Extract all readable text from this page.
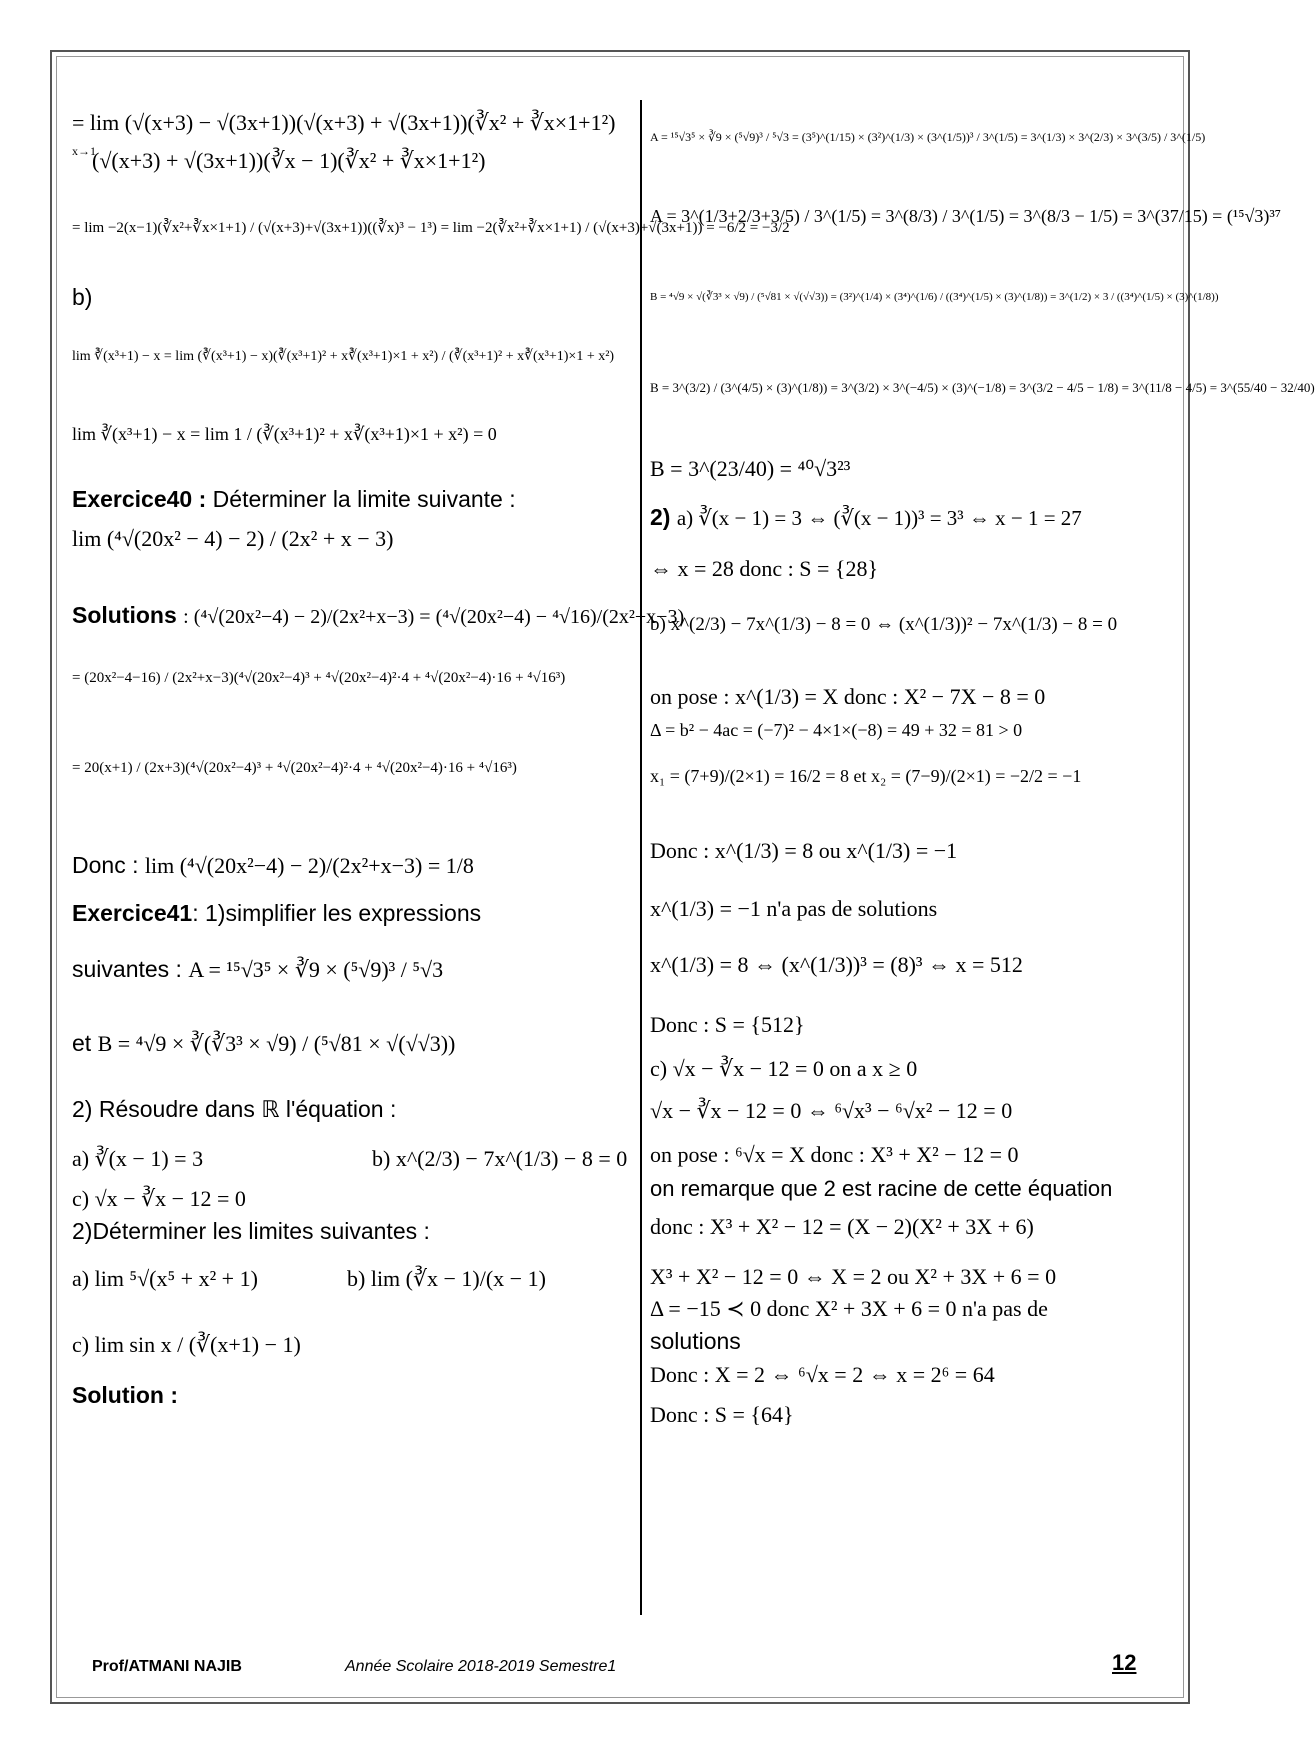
= lim (√(x+3) − √(3x+1))(√(x+3) + √(3x+1))(∛x² + ∛x×1+1²)
(√(x+3) + √(3x+1))(∛x − 1)(∛x² + ∛x×1+1²)
x→1
= lim −2(x−1)(∛x²+∛x×1+1) / (√(x+3)+√(3x+1))((∛x)³ − 1³) = lim −2(∛x²+∛x×1+1) / (√(x+3)+√(3x+1)) = −6/2 = −3/2
b)
lim ∛(x³+1) − x = lim (∛(x³+1) − x)(∛(x³+1)² + x∛(x³+1)×1 + x²) / (∛(x³+1)² + x∛(x³+1)×1 + x²)
lim ∛(x³+1) − x = lim 1 / (∛(x³+1)² + x∛(x³+1)×1 + x²) = 0
Exercice40 : Déterminer la limite suivante :
lim (⁴√(20x² − 4) − 2) / (2x² + x − 3)
Solutions : (⁴√(20x²−4) − 2)/(2x²+x−3) = (⁴√(20x²−4) − ⁴√16)/(2x²+x−3)
= (20x²−4−16) / (2x²+x−3)(⁴√(20x²−4)³ + ⁴√(20x²−4)²·4 + ⁴√(20x²−4)·16 + ⁴√16³)
= 20(x+1) / (2x+3)(⁴√(20x²−4)³ + ⁴√(20x²−4)²·4 + ⁴√(20x²−4)·16 + ⁴√16³)
Donc : lim (⁴√(20x²−4) − 2)/(2x²+x−3) = 1/8
Exercice41: 1)simplifier les expressions
suivantes : A = ¹⁵√3⁵ × ∛9 × (⁵√9)³ / ⁵√3
et B = ⁴√9 × ∛(∛3³ × √9) / (⁵√81 × √(√√3))
2) Résoudre dans ℝ l'équation :
a) ∛(x − 1) = 3	b) x^(2/3) − 7x^(1/3) − 8 = 0
c) √x − ∛x − 12 = 0
2)Déterminer les limites suivantes :
a) lim ⁵√(x⁵ + x² + 1)	b) lim (∛x − 1)/(x − 1)
c) lim sin x / (∛(x+1) − 1)
Solution :
A = ¹⁵√3⁵ × ∛9 × (⁵√9)³ / ⁵√3 = (3⁵)^(1/15) × (3²)^(1/3) × (3^(1/5))³ / 3^(1/5) = 3^(1/3) × 3^(2/3) × 3^(3/5) / 3^(1/5)
A = 3^(1/3+2/3+3/5) / 3^(1/5) = 3^(8/3) / 3^(1/5) = 3^(8/3 − 1/5) = 3^(37/15) = (¹⁵√3)³⁷
B = ⁴√9 × √(∛3³ × √9) / (⁵√81 × √(√√3)) = (3²)^(1/4) × (3⁴)^(1/6) / ((3⁴)^(1/5) × (3)^(1/8)) = 3^(1/2) × 3 / ((3⁴)^(1/5) × (3)^(1/8))
B = 3^(3/2) / (3^(4/5) × (3)^(1/8)) = 3^(3/2) × 3^(−4/5) × (3)^(−1/8) = 3^(3/2 − 4/5 − 1/8) = 3^(11/8 − 4/5) = 3^(55/40 − 32/40)
B = 3^(23/40) = ⁴⁰√3²³
2) a) ∛(x − 1) = 3 ⇔ (∛(x − 1))³ = 3³ ⇔ x − 1 = 27
⇔ x = 28 donc : S = {28}
b) x^(2/3) − 7x^(1/3) − 8 = 0 ⇔ (x^(1/3))² − 7x^(1/3) − 8 = 0
on pose : x^(1/3) = X donc : X² − 7X − 8 = 0
Δ = b² − 4ac = (−7)² − 4×1×(−8) = 49 + 32 = 81 > 0
x₁ = (7+9)/(2×1) = 16/2 = 8 et x₂ = (7−9)/(2×1) = −2/2 = −1
Donc : x^(1/3) = 8 ou x^(1/3) = −1
x^(1/3) = −1 n'a pas de solutions
x^(1/3) = 8 ⇔ (x^(1/3))³ = (8)³ ⇔ x = 512
Donc : S = {512}
c) √x − ∛x − 12 = 0 on a x ≥ 0
√x − ∛x − 12 = 0 ⇔ ⁶√x³ − ⁶√x² − 12 = 0
on pose : ⁶√x = X donc : X³ + X² − 12 = 0
on remarque que 2 est racine de cette équation
donc : X³ + X² − 12 = (X − 2)(X² + 3X + 6)
X³ + X² − 12 = 0 ⇔ X = 2 ou X² + 3X + 6 = 0
Δ = −15 ≺ 0 donc X² + 3X + 6 = 0 n'a pas de
solutions
Donc : X = 2 ⇔ ⁶√x = 2 ⇔ x = 2⁶ = 64
Donc : S = {64}
Prof/ATMANI NAJIB	Année Scolaire 2018-2019 Semestre1	12
